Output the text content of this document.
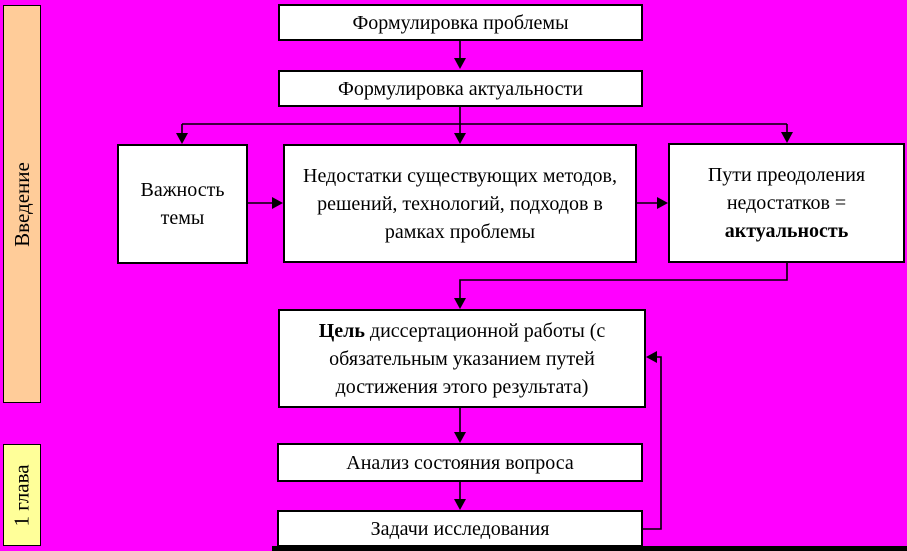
Введение
1 глава
Формулировка проблемы
Формулировка актуальности
Важность темы
Недостатки существующих методов, решений, технологий, подходов в рамках проблемы
Пути преодоления недостатков = актуальность
Цель диссертационной работы (с обязательным указанием путей достижения этого результата)
Анализ состояния вопроса
Задачи исследования
